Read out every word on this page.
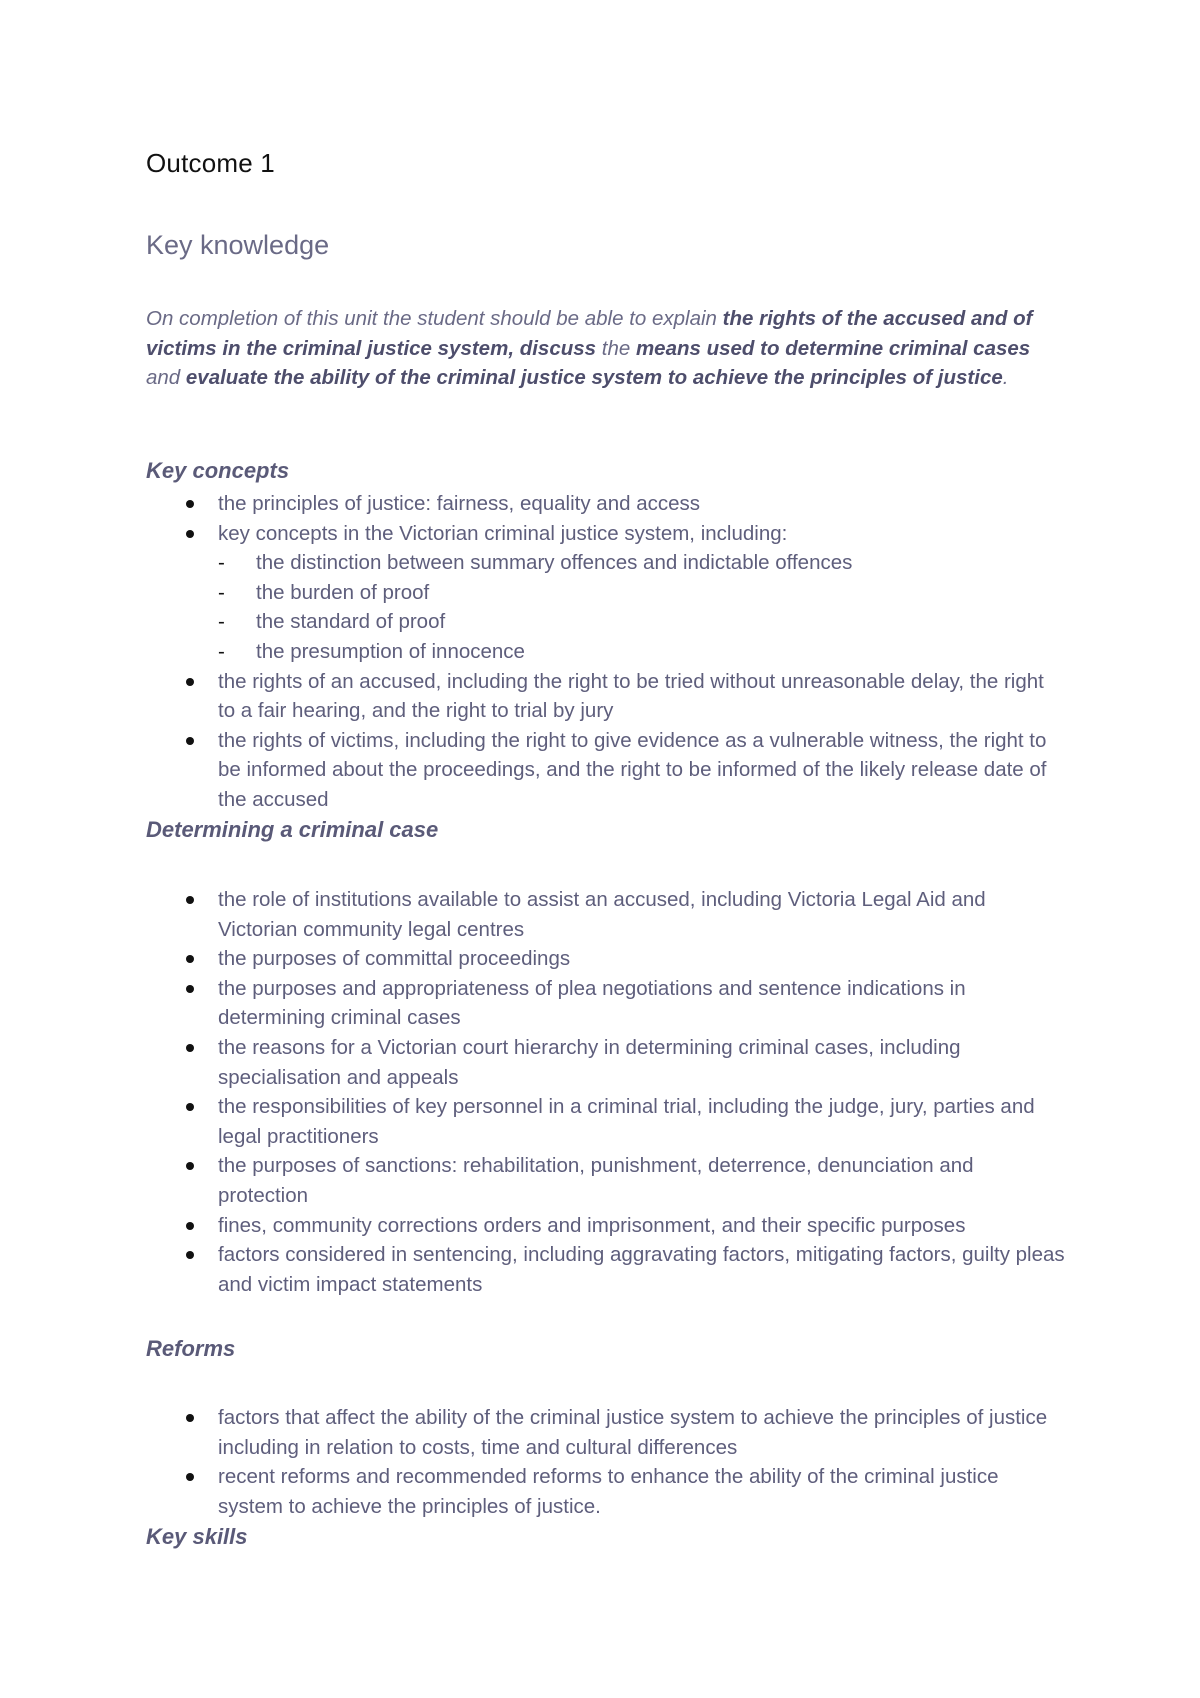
Outcome 1
Key knowledge

On completion of this unit the student should be able to explain the rights of the accused and of victims in the criminal justice system, discuss the means used to determine criminal cases and evaluate the ability of the criminal justice system to achieve the principles of justice.

Key concepts
the principles of justice: fairness, equality and access
key concepts in the Victorian criminal justice system, including:
- the distinction between summary offences and indictable offences
- the burden of proof
- the standard of proof
- the presumption of innocence
the rights of an accused, including the right to be tried without unreasonable delay, the right to a fair hearing, and the right to trial by jury
the rights of victims, including the right to give evidence as a vulnerable witness, the right to be informed about the proceedings, and the right to be informed of the likely release date of the accused
Determining a criminal case
the role of institutions available to assist an accused, including Victoria Legal Aid and Victorian community legal centres
the purposes of committal proceedings
the purposes and appropriateness of plea negotiations and sentence indications in determining criminal cases
the reasons for a Victorian court hierarchy in determining criminal cases, including specialisation and appeals
the responsibilities of key personnel in a criminal trial, including the judge, jury, parties and legal practitioners
the purposes of sanctions: rehabilitation, punishment, deterrence, denunciation and protection
fines, community corrections orders and imprisonment, and their specific purposes
factors considered in sentencing, including aggravating factors, mitigating factors, guilty pleas and victim impact statements
Reforms
factors that affect the ability of the criminal justice system to achieve the principles of justice including in relation to costs, time and cultural differences
recent reforms and recommended reforms to enhance the ability of the criminal justice system to achieve the principles of justice.
Key skills
